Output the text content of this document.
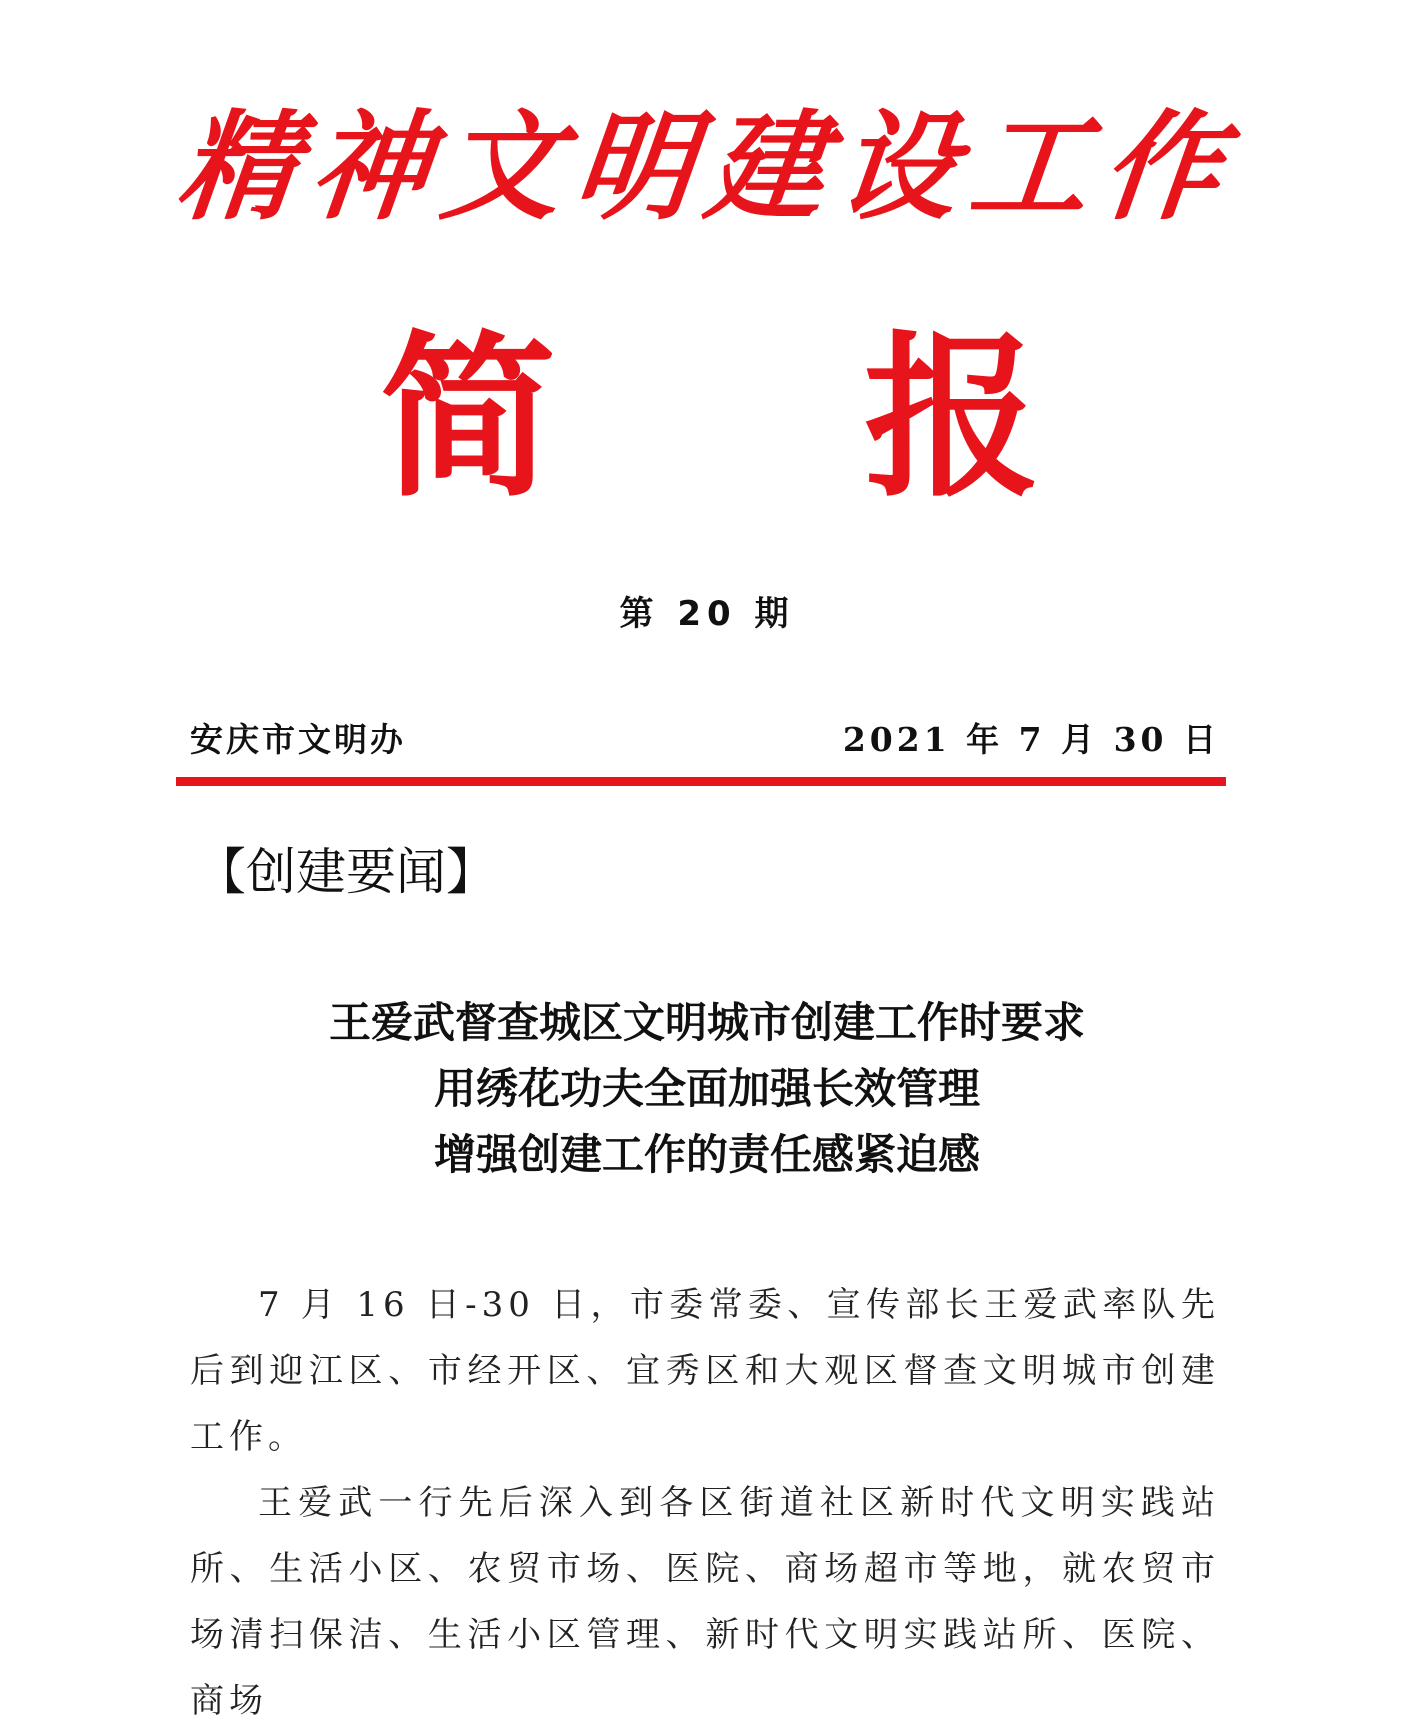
精神文明建设工作
简 报
第 20 期
安庆市文明办	2021 年 7 月 30 日
【创建要闻】
王爱武督查城区文明城市创建工作时要求
用绣花功夫全面加强长效管理
增强创建工作的责任感紧迫感

7 月 16 日-30 日，市委常委、宣传部长王爱武率队先后到迎江区、市经开区、宜秀区和大观区督查文明城市创建工作。

王爱武一行先后深入到各区街道社区新时代文明实践站所、生活小区、农贸市场、医院、商场超市等地，就农贸市场清扫保洁、生活小区管理、新时代文明实践站所、医院、商场
